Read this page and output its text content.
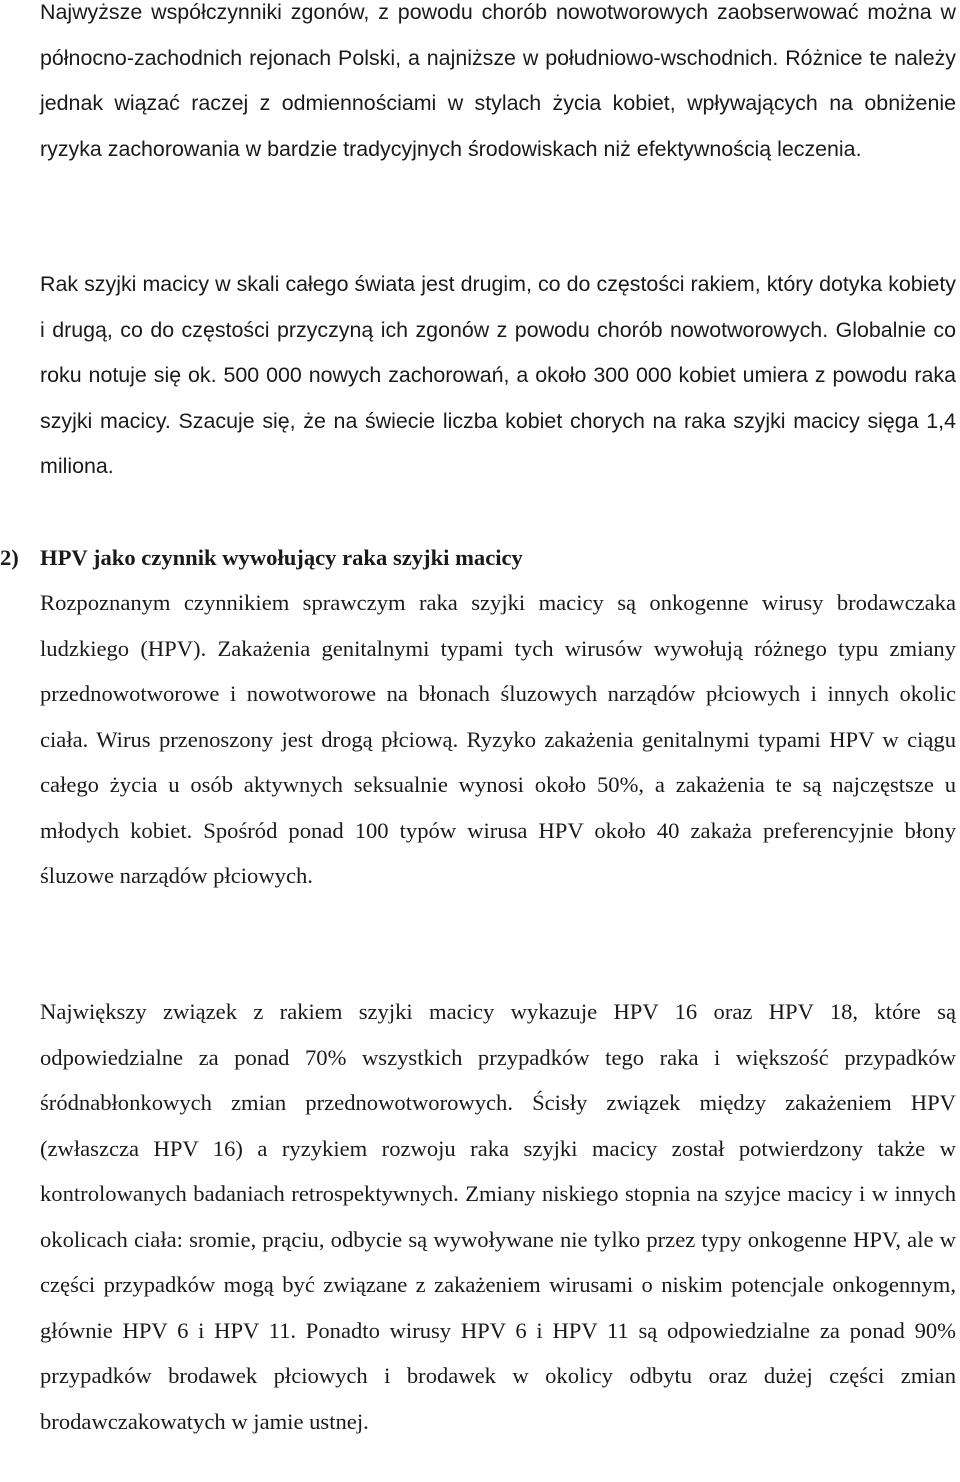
Najwyższe współczynniki zgonów, z powodu chorób nowotworowych zaobserwować można w północno-zachodnich rejonach Polski, a najniższe w południowo-wschodnich. Różnice te należy jednak wiązać raczej z odmiennościami w stylach życia kobiet, wpływających na obniżenie ryzyka zachorowania w bardzie tradycyjnych środowiskach niż efektywnością leczenia.

Rak szyjki macicy w skali całego świata jest drugim, co do częstości rakiem, który dotyka kobiety i drugą, co do częstości przyczyną ich zgonów z powodu chorób nowotworowych. Globalnie co roku notuje się ok. 500 000 nowych zachorowań, a około 300 000 kobiet umiera z powodu raka szyjki macicy. Szacuje się, że na świecie liczba kobiet chorych na raka szyjki macicy sięga 1,4 miliona.

2) HPV jako czynnik wywołujący raka szyjki macicy

Rozpoznanym czynnikiem sprawczym raka szyjki macicy są onkogenne wirusy brodawczaka ludzkiego (HPV). Zakażenia genitalnymi typami tych wirusów wywołują różnego typu zmiany przednowotworowe i nowotworowe na błonach śluzowych narządów płciowych i innych okolic ciała. Wirus przenoszony jest drogą płciową. Ryzyko zakażenia genitalnymi typami HPV w ciągu całego życia u osób aktywnych seksualnie wynosi około 50%, a zakażenia te są najczęstsze u młodych kobiet. Spośród ponad 100 typów wirusa HPV około 40 zakaża preferencyjnie błony śluzowe narządów płciowych.

Największy związek z rakiem szyjki macicy wykazuje HPV 16 oraz HPV 18, które są odpowiedzialne za ponad 70% wszystkich przypadków tego raka i większość przypadków śródnabłonkowych zmian przednowotworowych. Ścisły związek między zakażeniem HPV (zwłaszcza HPV 16) a ryzykiem rozwoju raka szyjki macicy został potwierdzony także w kontrolowanych badaniach retrospektywnych. Zmiany niskiego stopnia na szyjce macicy i w innych okolicach ciała: sromie, prąciu, odbycie są wywoływane nie tylko przez typy onkogenne HPV, ale w części przypadków mogą być związane z zakażeniem wirusami o niskim potencjale onkogennym, głównie HPV 6 i HPV 11. Ponadto wirusy HPV 6 i HPV 11 są odpowiedzialne za ponad 90% przypadków brodawek płciowych i brodawek w okolicy odbytu oraz dużej części zmian brodawczakowatych w jamie ustnej.
